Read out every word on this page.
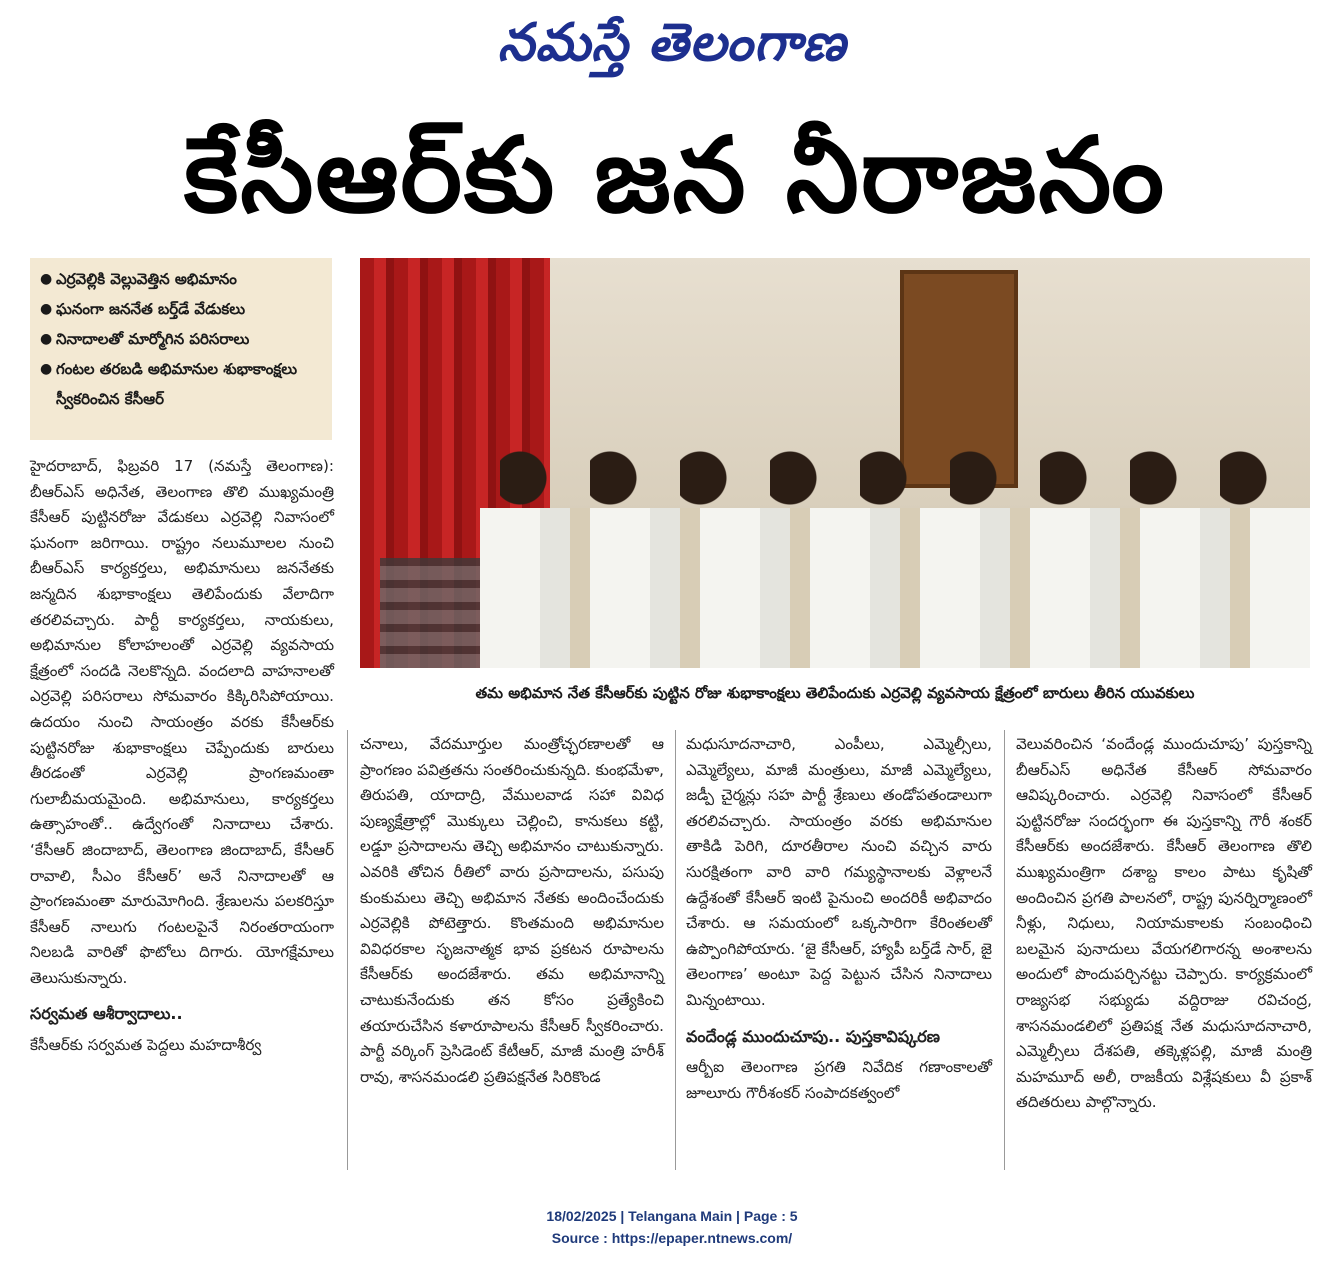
నమస్తే తెలంగాణ
కేసీఆర్‌కు జన నీరాజనం
● ఎర్రవెల్లికి వెల్లువెత్తిన అభిమానం
● ఘనంగా జననేత బర్త్‌డే వేడుకలు
● నినాదాలతో మార్మోగిన పరిసరాలు
● గంటల తరబడి అభిమానుల శుభాకాంక్షలు స్వీకరించిన కేసీఆర్
తమ అభిమాన నేత కేసీఆర్‌కు పుట్టిన రోజు శుభాకాంక్షలు తెలిపేందుకు ఎర్రవెల్లి వ్యవసాయ క్షేత్రంలో బారులు తీరిన యువకులు

హైదరాబాద్, ఫిబ్రవరి 17 (నమస్తే తెలంగాణ): బీఆర్‌ఎస్ అధినేత, తెలంగాణ తొలి ముఖ్యమంత్రి కేసీఆర్ పుట్టినరోజు వేడుకలు ఎర్రవెల్లి నివాసంలో ఘనంగా జరిగాయి. రాష్ట్రం నలుమూలల నుంచి బీఆర్‌ఎస్ కార్యకర్తలు, అభిమానులు జననేతకు జన్మదిన శుభాకాంక్షలు తెలిపేందుకు వేలాదిగా తరలివచ్చారు. పార్టీ కార్యకర్తలు, నాయకులు, అభిమానుల కోలాహలంతో ఎర్రవెల్లి వ్యవసాయ క్షేత్రంలో సందడి నెలకొన్నది. వందలాది వాహనాలతో ఎర్రవెల్లి పరిసరాలు సోమవారం కిక్కిరిసిపోయాయి. ఉదయం నుంచి సాయంత్రం వరకు కేసీఆర్‌కు పుట్టినరోజు శుభాకాంక్షలు చెప్పేందుకు బారులు తీరడంతో ఎర్రవెల్లి ప్రాంగణమంతా గులాబీమయమైంది. అభిమానులు, కార్యకర్తలు ఉత్సాహంతో.. ఉద్వేగంతో నినాదాలు చేశారు. ‘కేసీఆర్ జిందాబాద్, తెలంగాణ జిందాబాద్, కేసీఆర్ రావాలి, సీఎం కేసీఆర్’ అనే నినాదాలతో ఆ ప్రాంగణమంతా మారుమోగింది. శ్రేణులను పలకరిస్తూ కేసీఆర్ నాలుగు గంటలపైనే నిరంతరాయంగా నిలబడి వారితో ఫొటోలు దిగారు. యోగక్షేమాలు తెలుసుకున్నారు.

సర్వమత ఆశీర్వాదాలు..

కేసీఆర్‌కు సర్వమత పెద్దలు మహదాశీర్వ

చనాలు, వేదమూర్తుల మంత్రోచ్ఛరణాలతో ఆ ప్రాంగణం పవిత్రతను సంతరించుకున్నది. కుంభమేళా, తిరుపతి, యాదాద్రి, వేములవాడ సహా వివిధ పుణ్యక్షేత్రాల్లో మొక్కులు చెల్లించి, కానుకలు కట్టి, లడ్డూ ప్రసాదాలను తెచ్చి అభిమానం చాటుకున్నారు. ఎవరికి తోచిన రీతిలో వారు ప్రసాదాలను, పసుపు కుంకుమలు తెచ్చి అభిమాన నేతకు అందించేందుకు ఎర్రవెల్లికి పోటెత్తారు. కొంతమంది అభిమానుల వివిధరకాల సృజనాత్మక భావ ప్రకటన రూపాలను కేసీఆర్‌కు అందజేశారు. తమ అభిమానాన్ని చాటుకునేందుకు తన కోసం ప్రత్యేకించి తయారుచేసిన కళారూపాలను కేసీఆర్ స్వీకరించారు. పార్టీ వర్కింగ్ ప్రెసిడెంట్ కేటీఆర్, మాజీ మంత్రి హరీశ్ రావు, శాసనమండలి ప్రతిపక్షనేత సిరికొండ

మధుసూదనాచారి, ఎంపీలు, ఎమ్మెల్సీలు, ఎమ్మెల్యేలు, మాజీ మంత్రులు, మాజీ ఎమ్మెల్యేలు, జడ్పీ చైర్మన్లు సహ పార్టీ శ్రేణులు తండోపతండాలుగా తరలివచ్చారు. సాయంత్రం వరకు అభిమానుల తాకిడి పెరిగి, దూరతీరాల నుంచి వచ్చిన వారు సురక్షితంగా వారి వారి గమ్యస్థానాలకు వెళ్లాలనే ఉద్దేశంతో కేసీఆర్ ఇంటి పైనుంచి అందరికీ అభివాదం చేశారు. ఆ సమయంలో ఒక్కసారిగా కేరింతలతో ఉప్పొంగిపోయారు. ‘జై కేసీఆర్, హ్యాపీ బర్త్‌డే సార్, జై తెలంగాణ’ అంటూ పెద్ద పెట్టున చేసిన నినాదాలు మిన్నంటాయి.

వందేండ్ల ముందుచూపు.. పుస్తకావిష్కరణ

ఆర్బీఐ తెలంగాణ ప్రగతి నివేదిక గణాంకాలతో జూలూరు గౌరీశంకర్ సంపాదకత్వంలో

వెలువరించిన ‘వందేండ్ల ముందుచూపు’ పుస్తకాన్ని బీఆర్‌ఎస్ అధినేత కేసీఆర్ సోమవారం ఆవిష్కరించారు. ఎర్రవెల్లి నివాసంలో కేసీఆర్ పుట్టినరోజు సందర్భంగా ఈ పుస్తకాన్ని గౌరీ శంకర్ కేసీఆర్‌కు అందజేశారు. కేసీఆర్ తెలంగాణ తొలి ముఖ్యమంత్రిగా దశాబ్ద కాలం పాటు కృషితో అందించిన ప్రగతి పాలనలో, రాష్ట్ర పునర్నిర్మాణంలో నీళ్లు, నిధులు, నియామకాలకు సంబంధించి బలమైన పునాదులు వేయగలిగారన్న అంశాలను అందులో పొందుపర్చినట్టు చెప్పారు. కార్యక్రమంలో రాజ్యసభ సభ్యుడు వద్దిరాజు రవిచంద్ర, శాసనమండలిలో ప్రతిపక్ష నేత మధుసూదనాచారి, ఎమ్మెల్సీలు దేశపతి, తక్కెళ్లపల్లి, మాజీ మంత్రి మహమూద్ అలీ, రాజకీయ విశ్లేషకులు వీ ప్రకాశ్ తదితరులు పాల్గొన్నారు.

18/02/2025 | Telangana Main | Page : 5
Source : https://epaper.ntnews.com/
